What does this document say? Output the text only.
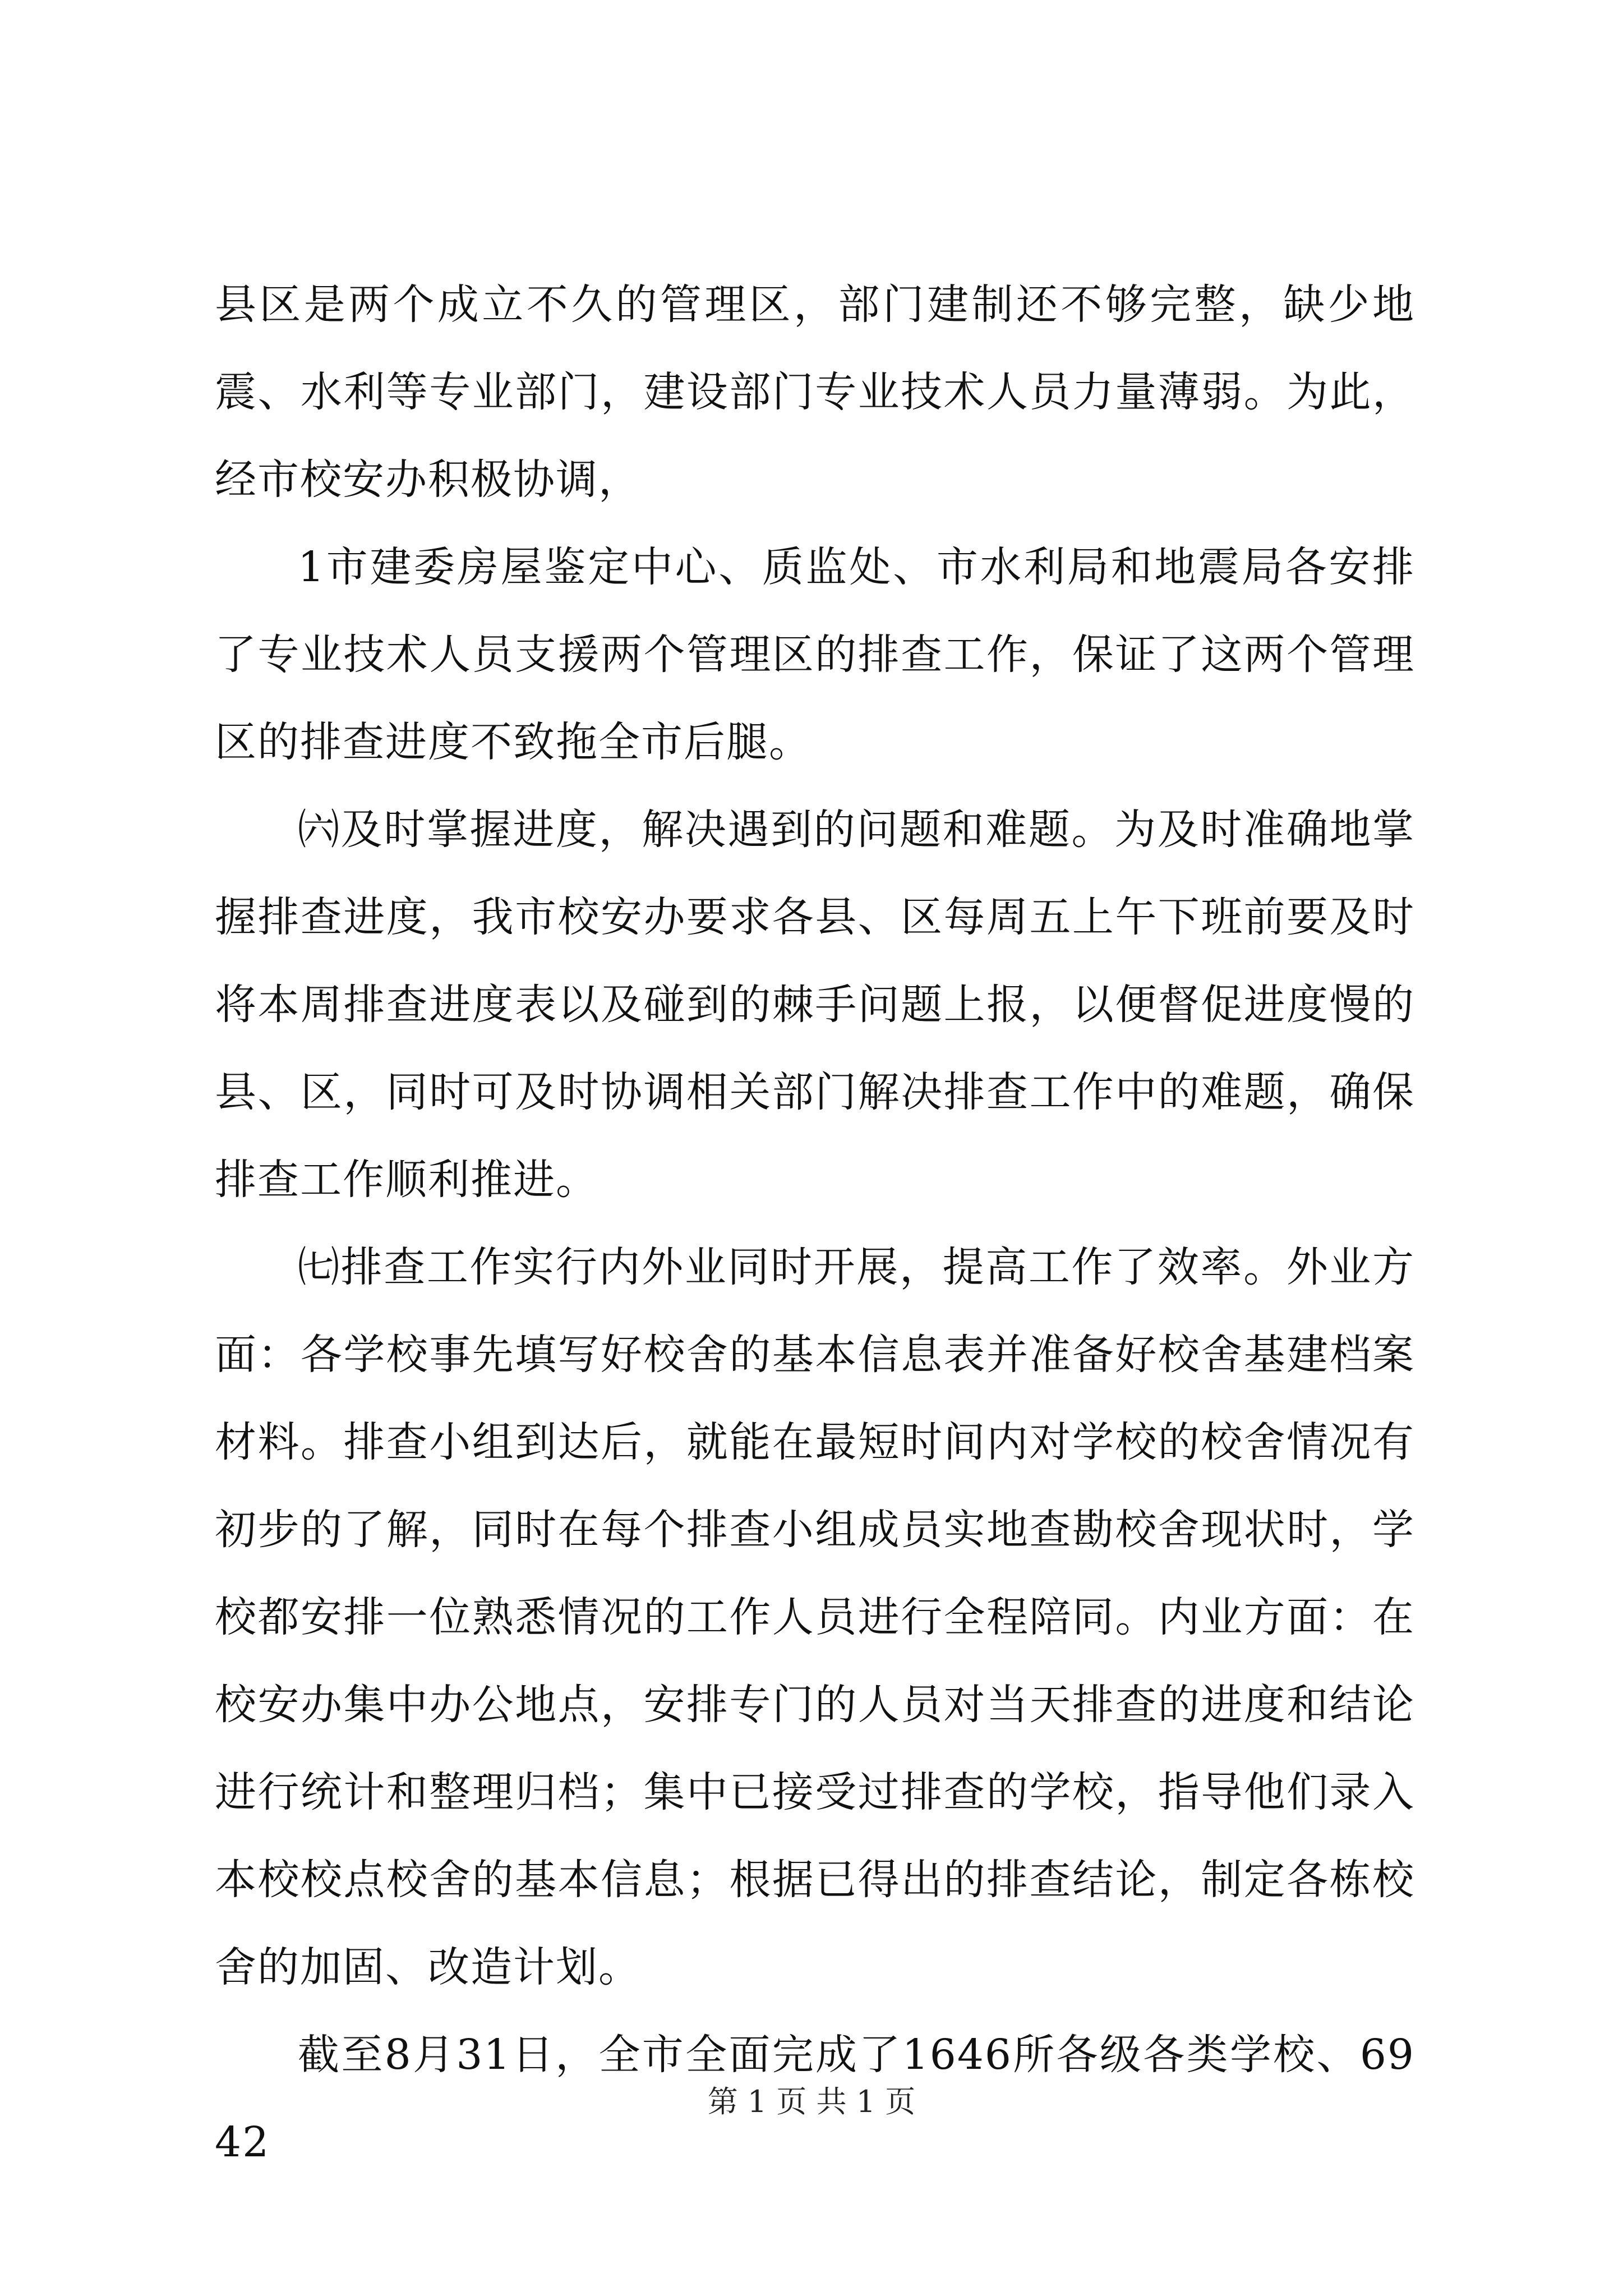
县区是两个成立不久的管理区，部门建制还不够完整，缺少地震、水利等专业部门，建设部门专业技术人员力量薄弱。为此，经市校安办积极协调，

1市建委房屋鉴定中心、质监处、市水利局和地震局各安排了专业技术人员支援两个管理区的排查工作，保证了这两个管理区的排查进度不致拖全市后腿。

㈥及时掌握进度，解决遇到的问题和难题。为及时准确地掌握排查进度，我市校安办要求各县、区每周五上午下班前要及时将本周排查进度表以及碰到的棘手问题上报，以便督促进度慢的县、区，同时可及时协调相关部门解决排查工作中的难题，确保排查工作顺利推进。

㈦排查工作实行内外业同时开展，提高工作了效率。外业方面：各学校事先填写好校舍的基本信息表并准备好校舍基建档案材料。排查小组到达后，就能在最短时间内对学校的校舍情况有初步的了解，同时在每个排查小组成员实地查勘校舍现状时，学校都安排一位熟悉情况的工作人员进行全程陪同。内业方面：在校安办集中办公地点，安排专门的人员对当天排查的进度和结论进行统计和整理归档；集中已接受过排查的学校，指导他们录入本校校点校舍的基本信息；根据已得出的排查结论，制定各栋校舍的加固、改造计划。

截至8月31日，全市全面完成了1646所各级各类学校、6942

第 1 页 共 1 页
